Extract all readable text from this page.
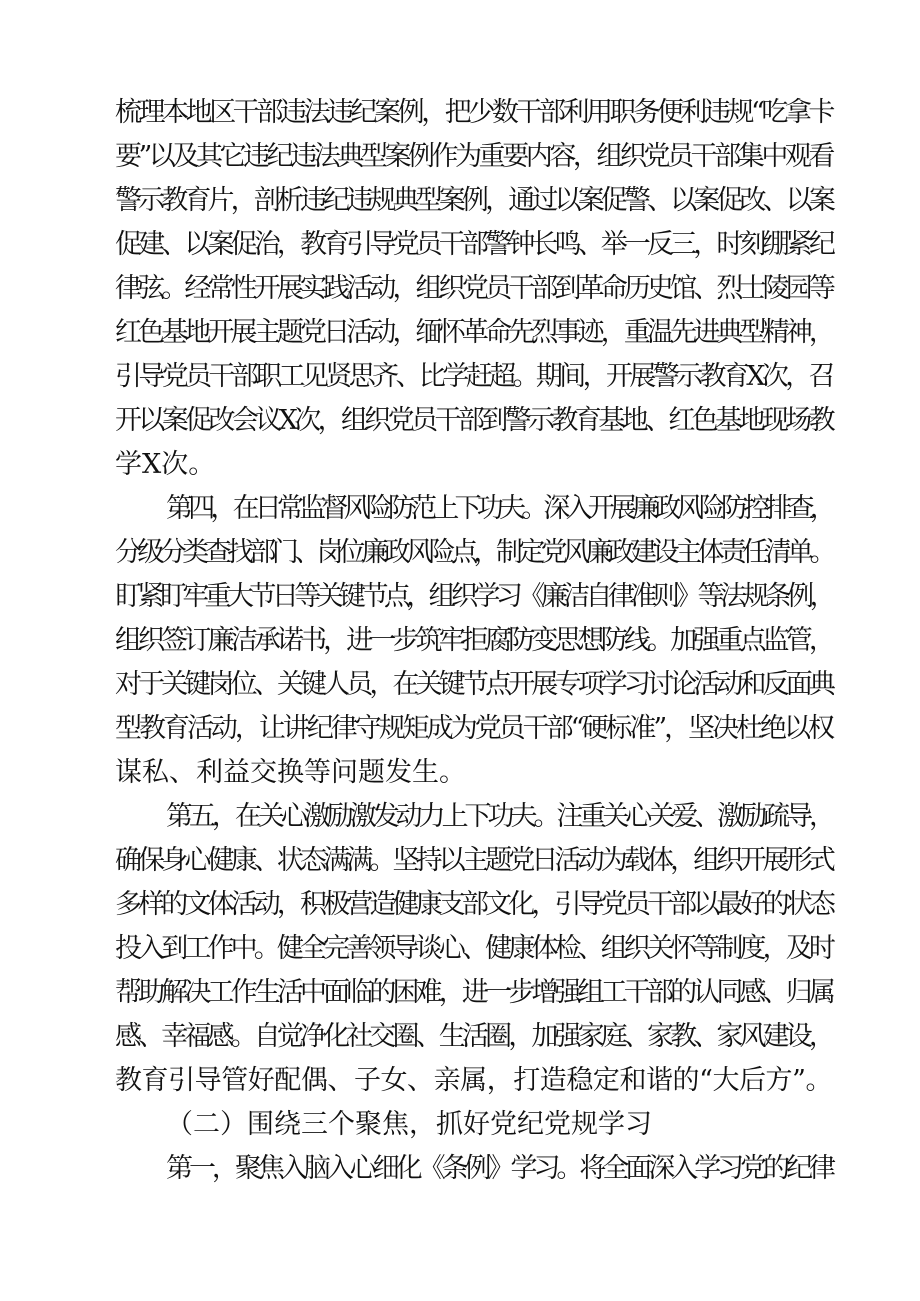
梳理本地区干部违法违纪案例，把少数干部利用职务便利违规“吃拿卡
要”以及其它违纪违法典型案例作为重要内容，组织党员干部集中观看
警示教育片，剖析违纪违规典型案例，通过以案促警、以案促改、以案
促建、以案促治，教育引导党员干部警钟长鸣、举一反三，时刻绷紧纪
律弦。经常性开展实践活动，组织党员干部到革命历史馆、烈士陵园等
红色基地开展主题党日活动，缅怀革命先烈事迹，重温先进典型精神，
引导党员干部职工见贤思齐、比学赶超。期间，开展警示教育X次，召
开以案促改会议X次，组织党员干部到警示教育基地、红色基地现场教
学X次。
第四，在日常监督风险防范上下功夫。深入开展廉政风险防控排查，
分级分类查找部门、岗位廉政风险点，制定党风廉政建设主体责任清单。
盯紧盯牢重大节日等关键节点，组织学习《廉洁自律准则》等法规条例，
组织签订廉洁承诺书，进一步筑牢拒腐防变思想防线。加强重点监管，
对于关键岗位、关键人员，在关键节点开展专项学习讨论活动和反面典
型教育活动，让讲纪律守规矩成为党员干部“硬标准”，坚决杜绝以权
谋私、利益交换等问题发生。
第五，在关心激励激发动力上下功夫。注重关心关爱、激励疏导，
确保身心健康、状态满满。坚持以主题党日活动为载体，组织开展形式
多样的文体活动，积极营造健康支部文化，引导党员干部以最好的状态
投入到工作中。健全完善领导谈心、健康体检、组织关怀等制度，及时
帮助解决工作生活中面临的困难，进一步增强组工干部的认同感、归属
感、幸福感。自觉净化社交圈、生活圈，加强家庭、家教、家风建设，
教育引导管好配偶、子女、亲属，打造稳定和谐的“大后方”。
（二）围绕三个聚焦，抓好党纪党规学习
第一，聚焦入脑入心细化《条例》学习。将全面深入学习党的纪律
